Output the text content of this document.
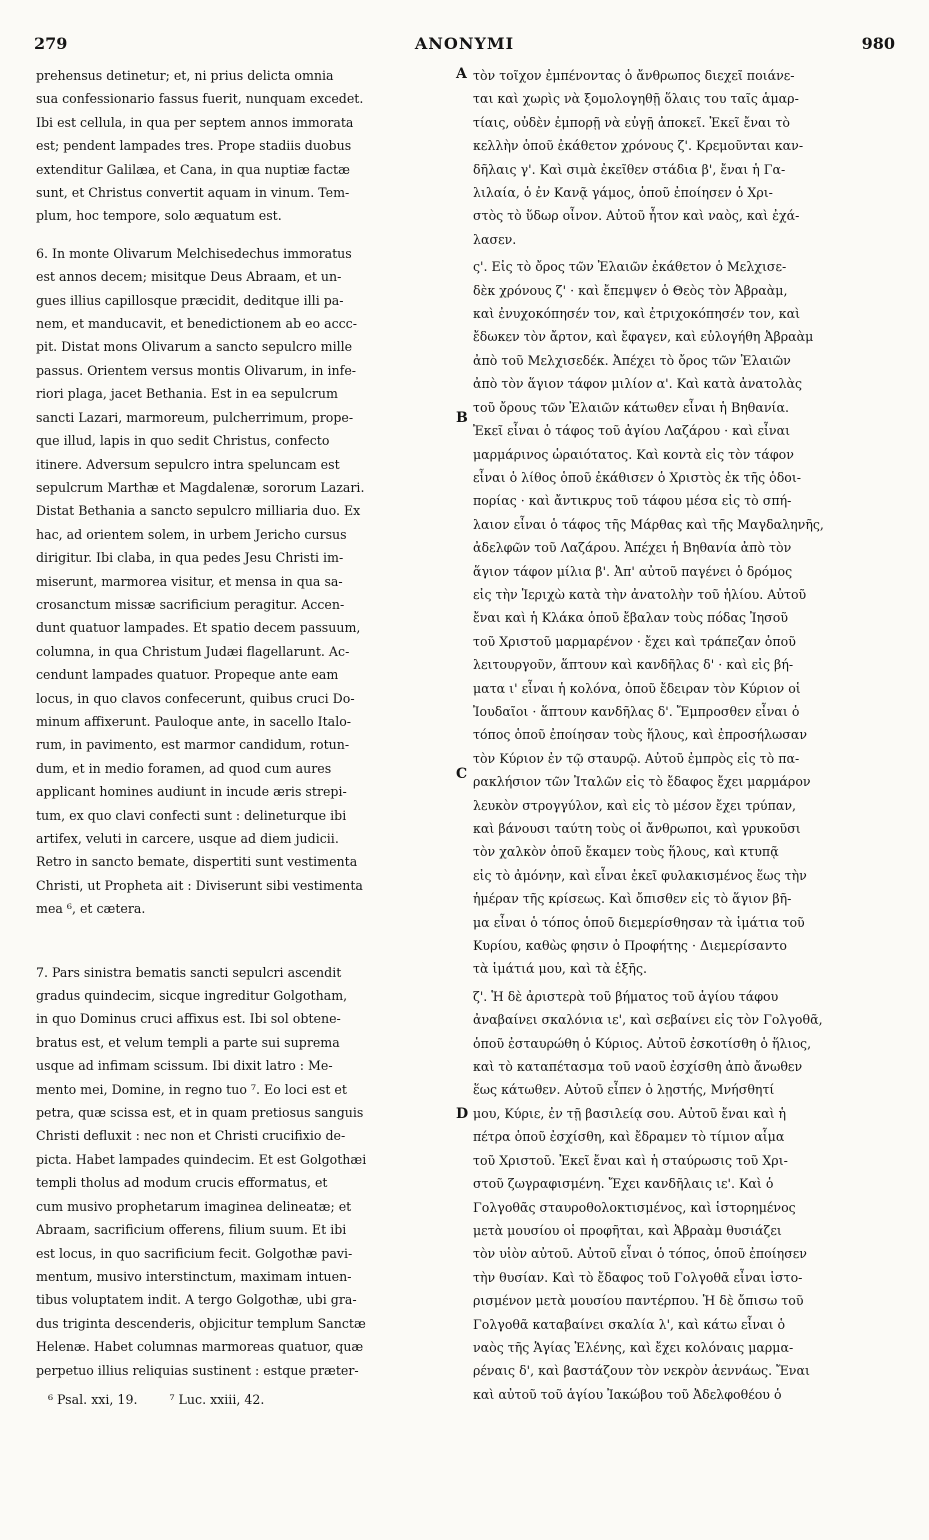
279	ANONYMI	980

prehensus detinetur; et, ni prius delicta omnia
sua confessionario fassus fuerit, nunquam excedet.
Ibi est cellula, in qua per septem annos immorata
est; pendent lampades tres. Prope stadiis duobus
extenditur Galilæa, et Cana, in qua nuptiæ factæ
sunt, et Christus convertit aquam in vinum. Tem-
plum, hoc tempore, solo æquatum est.

6. In monte Olivarum Melchisedechus immoratus
est annos decem; misitque Deus Abraam, et un-
gues illius capillosque præcidit, deditque illi pa-
nem, et manducavit, et benedictionem ab eo accc-
pit. Distat mons Olivarum a sancto sepulcro mille
passus. Orientem versus montis Olivarum, in infe-
riori plaga, jacet Bethania. Est in ea sepulcrum
sancti Lazari, marmoreum, pulcherrimum, prope-
que illud, lapis in quo sedit Christus, confecto
itinere. Adversum sepulcro intra speluncam est
sepulcrum Marthæ et Magdalenæ, sororum Lazari.
Distat Bethania a sancto sepulcro milliaria duo. Ex
hac, ad orientem solem, in urbem Jericho cursus
dirigitur. Ibi claba, in qua pedes Jesu Christi im-
miserunt, marmorea visitur, et mensa in qua sa-
crosanctum missæ sacrificium peragitur. Accen-
dunt quatuor lampades. Et spatio decem passuum,
columna, in qua Christum Judæi flagellarunt. Ac-
cendunt lampades quatuor. Propeque ante eam
locus, in quo clavos confecerunt, quibus cruci Do-
minum affixerunt. Pauloque ante, in sacello Italo-
rum, in pavimento, est marmor candidum, rotun-
dum, et in medio foramen, ad quod cum aures
applicant homines audiunt in incude æris strepi-
tum, ex quo clavi confecti sunt : delineturque ibi
artifex, veluti in carcere, usque ad diem judicii.
Retro in sancto bemate, dispertiti sunt vestimenta
Christi, ut Propheta ait : Diviserunt sibi vestimenta
mea ⁶, et cætera.

7. Pars sinistra bematis sancti sepulcri ascendit
gradus quindecim, sicque ingreditur Golgotham,
in quo Dominus cruci affixus est. Ibi sol obtene-
bratus est, et velum templi a parte sui suprema
usque ad infimam scissum. Ibi dixit latro : Me-
mento mei, Domine, in regno tuo ⁷. Eo loci est et
petra, quæ scissa est, et in quam pretiosus sanguis
Christi defluxit : nec non et Christi crucifixio de-
picta. Habet lampades quindecim. Et est Golgothæi
templi tholus ad modum crucis efformatus, et
cum musivo prophetarum imaginea delineatæ; et
Abraam, sacrificium offerens, filium suum. Et ibi
est locus, in quo sacrificium fecit. Golgothæ pavi-
mentum, musivo interstinctum, maximam intuen-
tibus voluptatem indit. A tergo Golgothæ, ubi gra-
dus triginta descenderis, objicitur templum Sanctæ
Helenæ. Habet columnas marmoreas quatuor, quæ
perpetuo illius reliquias sustinent : estque præter-

A
B
C
D

τὸν τοῖχον ἐμπένοντας ὁ ἄνθρωπος διεχεῖ ποιάνε-
ται καὶ χωρὶς νὰ ξομολογηθῇ ὅλαις του ταῖς ἁμαρ-
τίαις, οὐδὲν ἐμπορῇ νὰ εὐγῇ ἀποκεῖ. Ἐκεῖ ἔναι τὸ
κελλὴν ὁποῦ ἐκάθετον χρόνους ζ'. Κρεμοῦνται καν-
δῆλαις γ'. Καὶ σιμὰ ἐκεῖθεν στάδια β', ἔναι ἡ Γα-
λιλαία, ὁ ἐν Κανᾷ γάμος, ὁποῦ ἐποίησεν ὁ Χρι-
στὸς τὸ ὕδωρ οἶνον. Αὐτοῦ ἦτον καὶ ναὸς, καὶ ἐχά-
λασεν.

ς'. Εἰς τὸ ὄρος τῶν Ἐλαιῶν ἐκάθετον ὁ Μελχισε-
δὲκ χρόνους ζ' · καὶ ἔπεμψεν ὁ Θεὸς τὸν Ἀβραὰμ,
καὶ ἐνυχοκόπησέν τον, καὶ ἐτριχοκόπησέν τον, καὶ
ἔδωκεν τὸν ἄρτον, καὶ ἔφαγεν, καὶ εὐλογήθη Ἀβραὰμ
ἀπὸ τοῦ Μελχισεδέκ. Ἀπέχει τὸ ὄρος τῶν Ἐλαιῶν
ἀπὸ τὸν ἅγιον τάφον μιλίον α'. Καὶ κατὰ ἀνατολὰς
τοῦ ὄρους τῶν Ἐλαιῶν κάτωθεν εἶναι ἡ Βηθανία.
Ἐκεῖ εἶναι ὁ τάφος τοῦ ἁγίου Λαζάρου · καὶ εἶναι
μαρμάρινος ὡραιότατος. Καὶ κοντὰ εἰς τὸν τάφον
εἶναι ὁ λίθος ὁποῦ ἐκάθισεν ὁ Χριστὸς ἐκ τῆς ὁδοι-
πορίας · καὶ ἄντικρυς τοῦ τάφου μέσα εἰς τὸ σπή-
λαιον εἶναι ὁ τάφος τῆς Μάρθας καὶ τῆς Μαγδαληνῆς,
ἀδελφῶν τοῦ Λαζάρου. Ἀπέχει ἡ Βηθανία ἀπὸ τὸν
ἅγιον τάφον μίλια β'. Ἀπ' αὐτοῦ παγένει ὁ δρόμος
εἰς τὴν Ἱεριχὼ κατὰ τὴν ἀνατολὴν τοῦ ἡλίου. Αὐτοῦ
ἔναι καὶ ἡ Κλάκα ὁποῦ ἔβαλαν τοὺς πόδας Ἰησοῦ
τοῦ Χριστοῦ μαρμαρένον · ἔχει καὶ τράπεζαν ὁποῦ
λειτουργοῦν, ἅπτουν καὶ κανδῆλας δ' · καὶ εἰς βή-
ματα ι' εἶναι ἡ κολόνα, ὁποῦ ἔδειραν τὸν Κύριον οἱ
Ἰουδαῖοι · ἅπτουν κανδῆλας δ'. Ἔμπροσθεν εἶναι ὁ
τόπος ὁποῦ ἐποίησαν τοὺς ἥλους, καὶ ἐπροσήλωσαν
τὸν Κύριον ἐν τῷ σταυρῷ. Αὐτοῦ ἐμπρὸς εἰς τὸ πα-
ρακλήσιον τῶν Ἰταλῶν εἰς τὸ ἔδαφος ἔχει μαρμάρον
λευκὸν στρογγύλον, καὶ εἰς τὸ μέσον ἔχει τρύπαν,
καὶ βάνουσι ταύτη τοὺς οἱ ἄνθρωποι, καὶ γρυκοῦσι
τὸν χαλκὸν ὁποῦ ἔκαμεν τοὺς ἥλους, καὶ κτυπᾷ
εἰς τὸ ἀμόνην, καὶ εἶναι ἐκεῖ φυλακισμένος ἕως τὴν
ἡμέραν τῆς κρίσεως. Καὶ ὄπισθεν εἰς τὸ ἅγιον βῆ-
μα εἶναι ὁ τόπος ὁποῦ διεμερίσθησαν τὰ ἱμάτια τοῦ
Κυρίου, καθὼς φησιν ὁ Προφήτης · Διεμερίσαντο
τὰ ἱμάτιά μου, καὶ τὰ ἑξῆς.

ζ'. Ἡ δὲ ἀριστερὰ τοῦ βήματος τοῦ ἁγίου τάφου
ἀναβαίνει σκαλόνια ιε', καὶ σεβαίνει εἰς τὸν Γολγοθᾶ,
ὁποῦ ἐσταυρώθη ὁ Κύριος. Αὐτοῦ ἐσκοτίσθη ὁ ἥλιος,
καὶ τὸ καταπέτασμα τοῦ ναοῦ ἐσχίσθη ἀπὸ ἄνωθεν
ἕως κάτωθεν. Αὐτοῦ εἶπεν ὁ λῃστής, Μνήσθητί
μου, Κύριε, ἐν τῇ βασιλείᾳ σου. Αὐτοῦ ἔναι καὶ ἡ
πέτρα ὁποῦ ἐσχίσθη, καὶ ἔδραμεν τὸ τίμιον αἷμα
τοῦ Χριστοῦ. Ἐκεῖ ἔναι καὶ ἡ σταύρωσις τοῦ Χρι-
στοῦ ζωγραφισμένη. Ἔχει κανδῆλαις ιε'. Καὶ ὁ
Γολγοθᾶς σταυροθολοκτισμένος, καὶ ἱστορημένος
μετὰ μουσίου οἱ προφῆται, καὶ Ἀβραὰμ θυσιάζει
τὸν υἱὸν αὐτοῦ. Αὐτοῦ εἶναι ὁ τόπος, ὁποῦ ἐποίησεν
τὴν θυσίαν. Καὶ τὸ ἔδαφος τοῦ Γολγοθᾶ εἶναι ἱστο-
ρισμένον μετὰ μουσίου παντέρπου. Ἡ δὲ ὄπισω τοῦ
Γολγοθᾶ καταβαίνει σκαλία λ', καὶ κάτω εἶναι ὁ
ναὸς τῆς Ἁγίας Ἑλένης, καὶ ἔχει κολόναις μαρμα-
ρέναις δ', καὶ βαστάζουν τὸν νεκρὸν ἀεννάως. Ἔναι
καὶ αὐτοῦ τοῦ ἁγίου Ἰακώβου τοῦ Ἀδελφοθέου ὁ

⁶ Psal. xxi, 19.	⁷ Luc. xxiii, 42.
